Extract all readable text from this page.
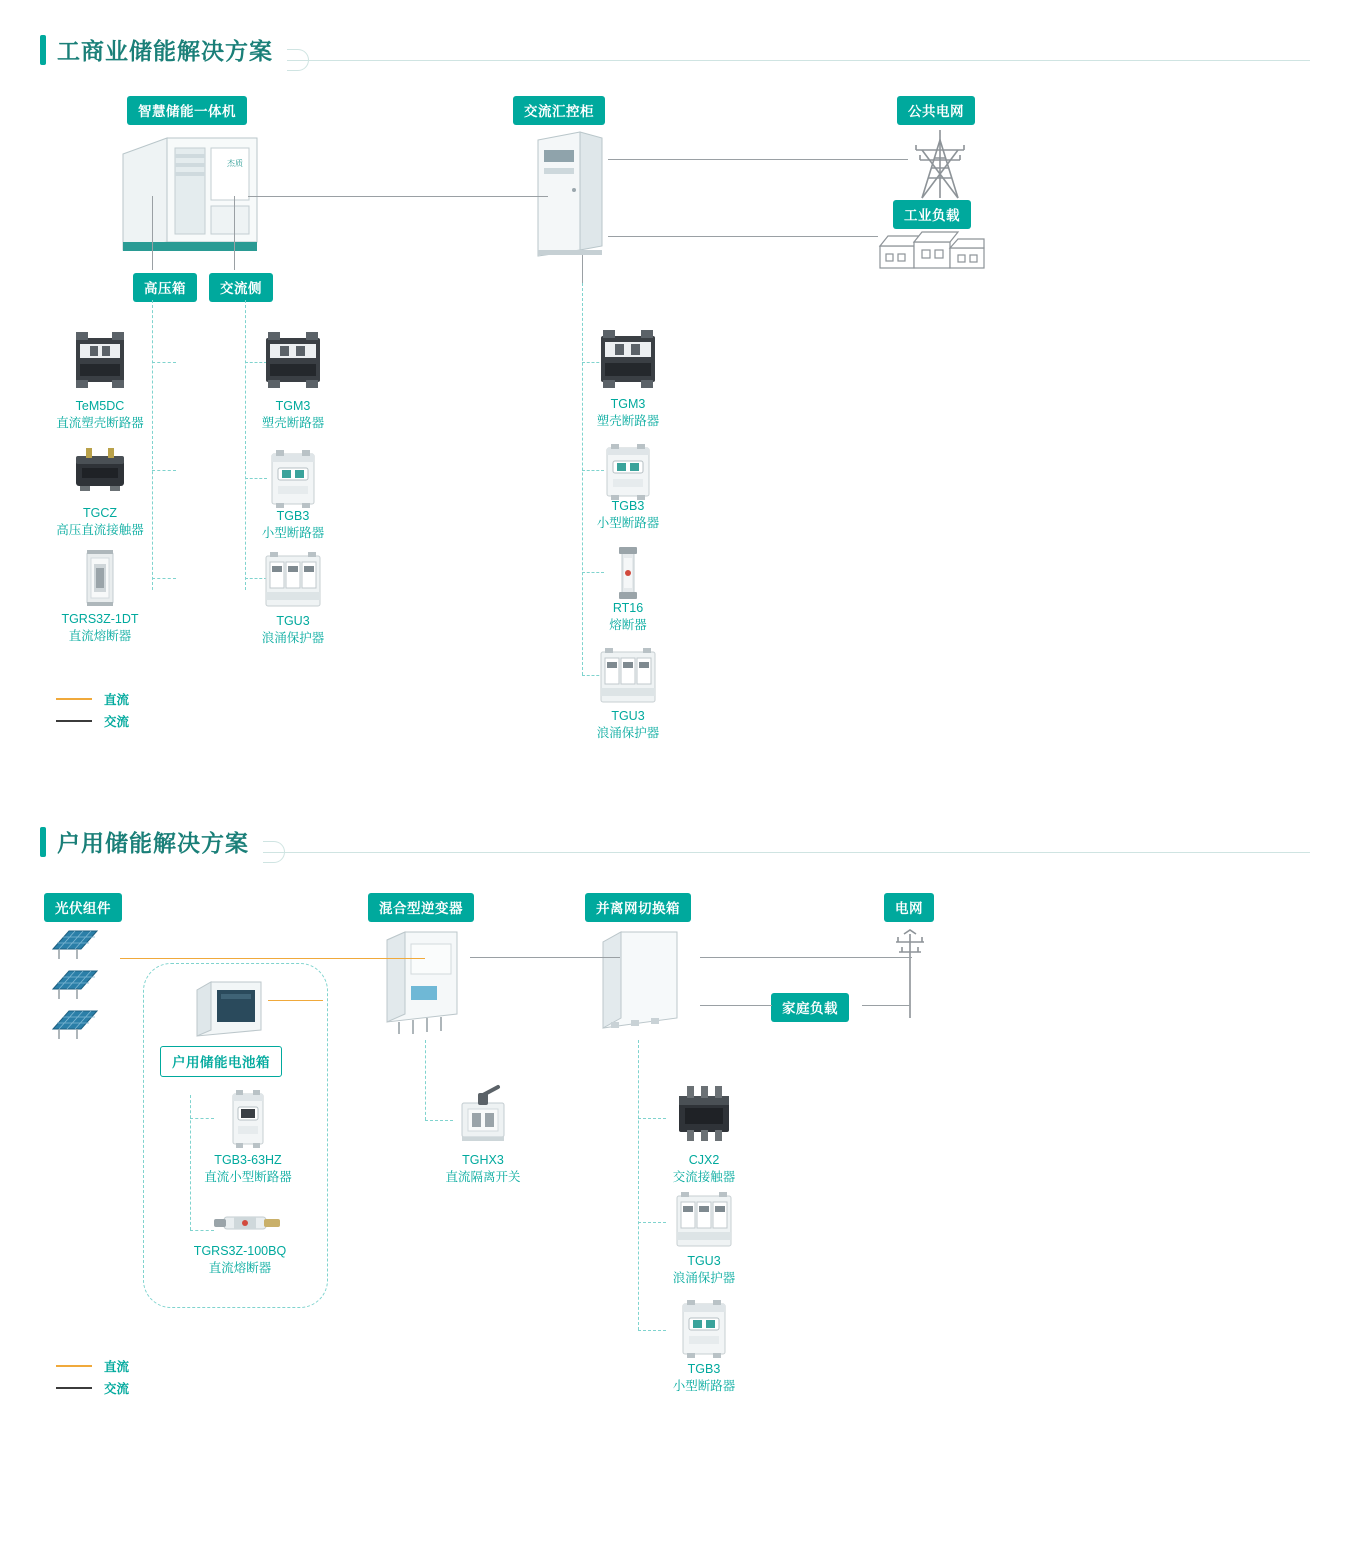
工商业储能解决方案
智慧储能一体机	交流汇控柜	公共电网
工业负载
高压箱	交流侧
杰质
TeM5DC
直流塑壳断路器
TGCZ
高压直流接触器
TGRS3Z-1DT
直流熔断器
TGM3
塑壳断路器
TGB3
小型断路器
TGU3
浪涌保护器
TGM3
塑壳断路器
TGB3
小型断路器
RT16
熔断器
TGU3
浪涌保护器
直流
交流
户用储能解决方案
光伏组件	混合型逆变器	并离网切换箱	电网
家庭负载
户用储能电池箱
TGB3-63HZ
直流小型断路器
TGRS3Z-100BQ
直流熔断器
TGHX3
直流隔离开关
CJX2
交流接触器
TGU3
浪涌保护器
TGB3
小型断路器
直流
交流
